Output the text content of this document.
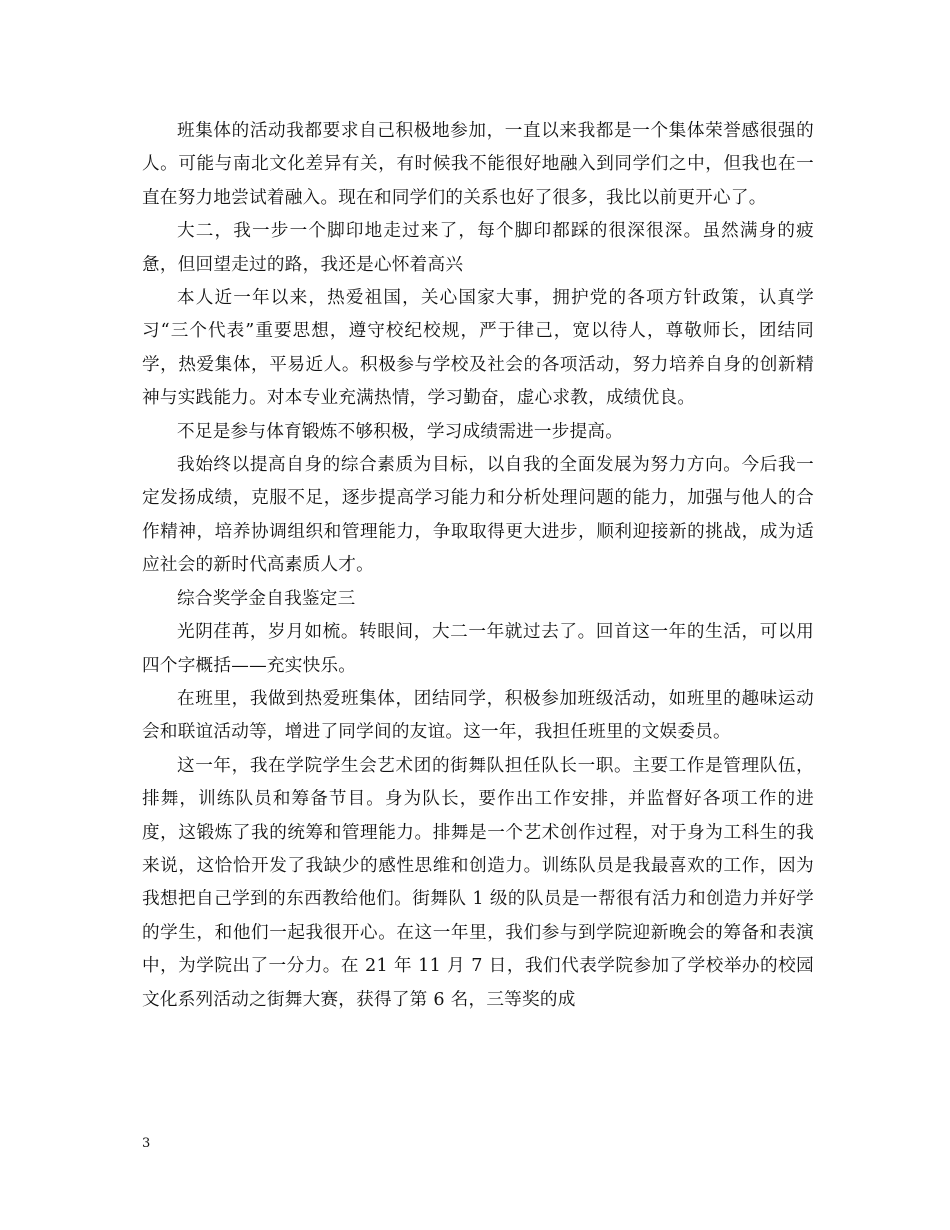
班集体的活动我都要求自己积极地参加，一直以来我都是一个集体荣誉感很强的人。可能与南北文化差异有关，有时候我不能很好地融入到同学们之中，但我也在一直在努力地尝试着融入。现在和同学们的关系也好了很多，我比以前更开心了。

大二，我一步一个脚印地走过来了，每个脚印都踩的很深很深。虽然满身的疲惫，但回望走过的路，我还是心怀着高兴

本人近一年以来，热爱祖国，关心国家大事，拥护党的各项方针政策，认真学习“三个代表”重要思想，遵守校纪校规，严于律己，宽以待人，尊敬师长，团结同学，热爱集体，平易近人。积极参与学校及社会的各项活动，努力培养自身的创新精神与实践能力。对本专业充满热情，学习勤奋，虚心求教，成绩优良。

不足是参与体育锻炼不够积极，学习成绩需进一步提高。

我始终以提高自身的综合素质为目标，以自我的全面发展为努力方向。今后我一定发扬成绩，克服不足，逐步提高学习能力和分析处理问题的能力，加强与他人的合作精神，培养协调组织和管理能力，争取取得更大进步，顺利迎接新的挑战，成为适应社会的新时代高素质人才。

综合奖学金自我鉴定三

光阴荏苒，岁月如梳。转眼间，大二一年就过去了。回首这一年的生活，可以用四个字概括——充实快乐。

在班里，我做到热爱班集体，团结同学，积极参加班级活动，如班里的趣味运动会和联谊活动等，增进了同学间的友谊。这一年，我担任班里的文娱委员。

这一年，我在学院学生会艺术团的街舞队担任队长一职。主要工作是管理队伍，排舞，训练队员和筹备节目。身为队长，要作出工作安排，并监督好各项工作的进度，这锻炼了我的统筹和管理能力。排舞是一个艺术创作过程，对于身为工科生的我来说，这恰恰开发了我缺少的感性思维和创造力。训练队员是我最喜欢的工作，因为我想把自己学到的东西教给他们。街舞队 1 级的队员是一帮很有活力和创造力并好学的学生，和他们一起我很开心。在这一年里，我们参与到学院迎新晚会的筹备和表演中，为学院出了一分力。在 21 年 11 月 7 日，我们代表学院参加了学校举办的校园文化系列活动之街舞大赛，获得了第 6 名，三等奖的成

3
